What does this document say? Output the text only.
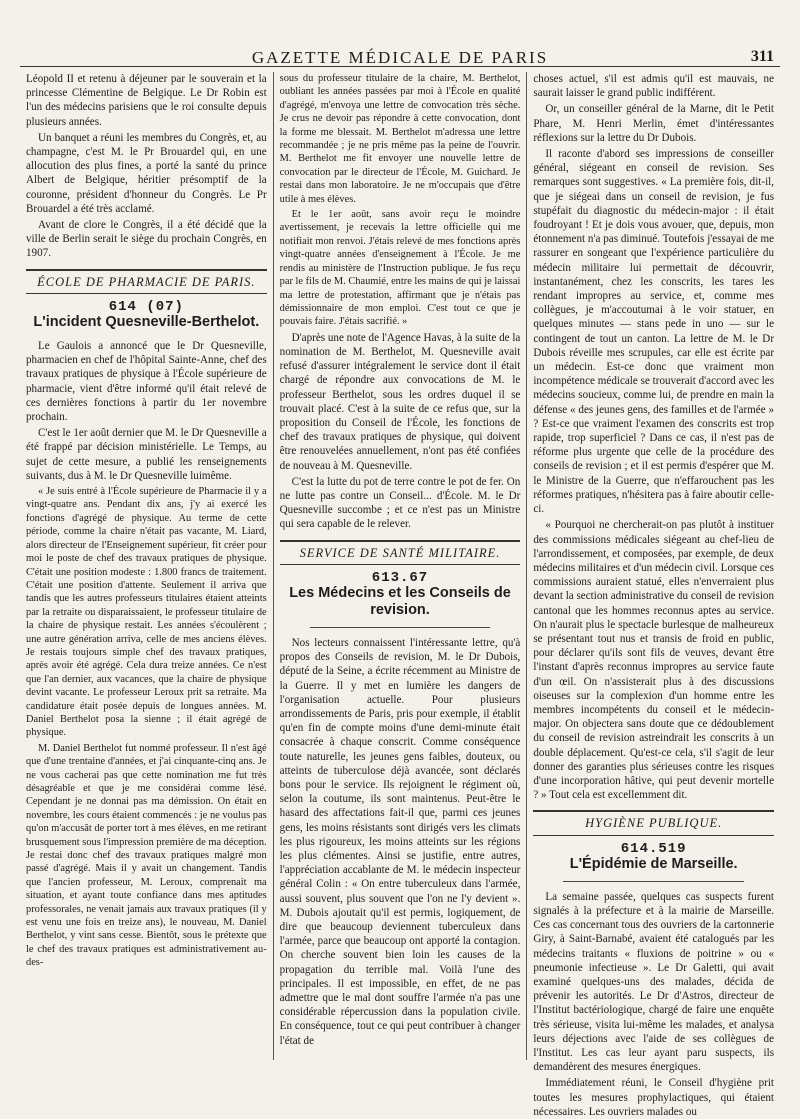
GAZETTE MÉDICALE DE PARIS	311

Léopold II et retenu à déjeuner par le souverain et la princesse Clémentine de Belgique. Le Dr Robin est l'un des médecins parisiens que le roi consulte depuis plusieurs années.

Un banquet a réuni les membres du Congrès, et, au champagne, c'est M. le Pr Brouardel qui, en une allocution des plus fines, a porté la santé du prince Albert de Belgique, héritier présomptif de la couronne, président d'honneur du Congrès. Le Pr Brouardel a été très acclamé.

Avant de clore le Congrès, il a été décidé que la ville de Berlin serait le siège du prochain Congrès, en 1907.

ÉCOLE DE PHARMACIE DE PARIS.
614 (07)
L'incident Quesneville-Berthelot.

Le Gaulois a annoncé que le Dr Quesneville, pharmacien en chef de l'hôpital Sainte-Anne, chef des travaux pratiques de physique à l'École supérieure de pharmacie, vient d'être informé qu'il était relevé de ces dernières fonctions à partir du 1er novembre prochain.

C'est le 1er août dernier que M. le Dr Quesneville a été frappé par décision ministérielle. Le Temps, au sujet de cette mesure, a publié les renseignements suivants, dus à M. le Dr Quesneville luimême.

« Je suis entré à l'École supérieure de Pharmacie il y a vingt-quatre ans. Pendant dix ans, j'y ai exercé les fonctions d'agrégé de physique. Au terme de cette période, comme la chaire n'était pas vacante, M. Liard, alors directeur de l'Enseignement supérieur, fit créer pour moi le poste de chef des travaux pratiques de physique. C'était une position modeste : 1.800 francs de traitement. C'était une position d'attente. Seulement il arriva que tandis que les autres professeurs titulaires étaient atteints par la retraite ou disparaissaient, le professeur titulaire de la chaire de physique restait. Les années s'écoulèrent ; une autre génération arriva, celle de mes anciens élèves. Je restais toujours simple chef des travaux pratiques, après avoir été agrégé. Cela dura treize années. Ce n'est que l'an dernier, aux vacances, que la chaire de physique devint vacante. Le professeur Leroux prit sa retraite. Ma candidature était posée depuis de longues années. M. Daniel Berthelot posa la sienne ; il était agrégé de physique.

M. Daniel Berthelot fut nommé professeur. Il n'est âgé que d'une trentaine d'années, et j'ai cinquante-cinq ans. Je ne vous cacherai pas que cette nomination me fut très désagréable et que je me considérai comme lésé. Cependant je ne donnai pas ma démission. On était en novembre, les cours étaient commencés : je ne voulus pas qu'on m'accusât de porter tort à mes élèves, en me retirant brusquement sous l'impression première de ma déception. Je restai donc chef des travaux pratiques malgré mon passé d'agrégé. Mais il y avait un changement. Tandis que l'ancien professeur, M. Leroux, comprenait ma situation, et ayant toute confiance dans mes aptitudes professorales, ne venait jamais aux travaux pratiques (il y est venu une fois en treize ans), le nouveau, M. Daniel Berthelot, y vint sans cesse. Bientôt, sous le prétexte que le chef des travaux pratiques est administrativement au-des-

sous du professeur titulaire de la chaire, M. Berthelot, oubliant les années passées par moi à l'École en qualité d'agrégé, m'envoya une lettre de convocation très sèche. Je crus ne devoir pas répondre à cette convocation, dont la forme me blessait. M. Berthelot m'adressa une lettre recommandée ; je ne pris même pas la peine de l'ouvrir. M. Berthelot me fit envoyer une nouvelle lettre de convocation par le directeur de l'École, M. Guichard. Je restai dans mon laboratoire. Je ne m'occupais que d'être utile à mes élèves.

Et le 1er août, sans avoir reçu le moindre avertissement, je recevais la lettre officielle qui me notifiait mon renvoi. J'étais relevé de mes fonctions après vingt-quatre années d'enseignement à l'École. Je me rendis au ministère de l'Instruction publique. Je fus reçu par le fils de M. Chaumié, entre les mains de qui je laissai ma lettre de protestation, affirmant que je n'étais pas démissionnaire de mon emploi. C'est tout ce que je pouvais faire. J'étais sacrifié. »

D'après une note de l'Agence Havas, à la suite de la nomination de M. Berthelot, M. Quesneville avait refusé d'assurer intégralement le service dont il était chargé de répondre aux convocations de M. le professeur Berthelot, sous les ordres duquel il se trouvait placé. C'est à la suite de ce refus que, sur la proposition du Conseil de l'École, les fonctions de chef des travaux pratiques de physique, qui doivent être renouvelées annuellement, n'ont pas été confiées de nouveau à M. Quesneville.

C'est la lutte du pot de terre contre le pot de fer. On ne lutte pas contre un Conseil... d'École. M. le Dr Quesneville succombe ; et ce n'est pas un Ministre qui sera capable de le relever.

SERVICE DE SANTÉ MILITAIRE.
613.67
Les Médecins et les Conseils de revision.

Nos lecteurs connaissent l'intéressante lettre, qu'à propos des Conseils de revision, M. le Dr Dubois, député de la Seine, a écrite récemment au Ministre de la Guerre. Il y met en lumière les dangers de l'organisation actuelle. Pour plusieurs arrondissements de Paris, pris pour exemple, il établit qu'en fin de compte moins d'une demi-minute était consacrée à chaque conscrit. Comme conséquence toute naturelle, les jeunes gens faibles, douteux, ou atteints de tuberculose déjà avancée, sont déclarés bons pour le service. Ils rejoignent le régiment où, selon la coutume, ils sont maintenus. Peut-être le hasard des affectations fait-il que, parmi ces jeunes gens, les moins résistants sont dirigés vers les climats les plus rigoureux, les moins atteints sur les régions les plus clémentes. Ainsi se justifie, entre autres, l'appréciation accablante de M. le médecin inspecteur général Colin : « On entre tuberculeux dans l'armée, aussi souvent, plus souvent que l'on ne l'y devient ». M. Dubois ajoutait qu'il est permis, logiquement, de dire que beaucoup deviennent tuberculeux dans l'armée, parce que beaucoup ont apporté la contagion. On cherche souvent bien loin les causes de la propagation du terrible mal. Voilà l'une des principales. Il est impossible, en effet, de ne pas admettre que le mal dont souffre l'armée n'a pas une considérable répercussion dans la population civile. En conséquence, tout ce qui peut contribuer à changer l'état de

choses actuel, s'il est admis qu'il est mauvais, ne saurait laisser le grand public indifférent.

Or, un conseiller général de la Marne, dit le Petit Phare, M. Henri Merlin, émet d'intéressantes réflexions sur la lettre du Dr Dubois.

Il raconte d'abord ses impressions de conseiller général, siégeant en conseil de revision. Ses remarques sont suggestives. « La première fois, dit-il, que je siégeai dans un conseil de revision, je fus stupéfait du diagnostic du médecin-major : il était foudroyant ! Et je dois vous avouer, que, depuis, mon étonnement n'a pas diminué. Toutefois j'essayai de me rassurer en songeant que l'expérience particulière du médecin militaire lui permettait de découvrir, instantanément, chez les conscrits, les tares les rendant impropres au service, et, comme mes collègues, je m'accoutumai à le voir statuer, en quelques minutes — stans pede in uno — sur le contingent de tout un canton. La lettre de M. le Dr Dubois réveille mes scrupules, car elle est écrite par un médecin. Est-ce donc que vraiment mon incompétence médicale se trouverait d'accord avec les médecins soucieux, comme lui, de prendre en main la défense « des jeunes gens, des familles et de l'armée » ? Est-ce que vraiment l'examen des conscrits est trop rapide, trop superficiel ? Dans ce cas, il n'est pas de réforme plus urgente que celle de la procédure des conseils de revision ; et il est permis d'espérer que M. le Ministre de la Guerre, que n'effarouchent pas les réformes pratiques, n'hésitera pas à faire aboutir celle-ci.

« Pourquoi ne chercherait-on pas plutôt à instituer des commissions médicales siégeant au chef-lieu de l'arrondissement, et composées, par exemple, de deux médecins militaires et d'un médecin civil. Lorsque ces commissions auraient statué, elles n'enverraient plus devant la section administrative du conseil de revision cantonal que les hommes reconnus aptes au service. On n'aurait plus le spectacle burlesque de malheureux se présentant tout nus et transis de froid en public, pour déclarer qu'ils sont fils de veuves, devant être l'instant d'après reconnus impropres au service faute d'un œil. On n'assisterait plus à des discussions oiseuses sur la complexion d'un homme entre les membres incompétents du conseil et le médecin-major. On objectera sans doute que ce dédoublement du conseil de revision astreindrait les conscrits à un double déplacement. Qu'est-ce cela, s'il s'agit de leur donner des garanties plus sérieuses contre les risques d'une incorporation hâtive, qui peut devenir mortelle ? » Tout cela est excellemment dit.

HYGIÈNE PUBLIQUE.
614.519
L'Épidémie de Marseille.

La semaine passée, quelques cas suspects furent signalés à la préfecture et à la mairie de Marseille. Ces cas concernant tous des ouvriers de la cartonnerie Giry, à Saint-Barnabé, avaient été catalogués par les médecins traitants « fluxions de poitrine » ou « pneumonie infectieuse ». Le Dr Galetti, qui avait examiné quelques-uns des malades, décida de prévenir les autorités. Le Dr d'Astros, directeur de l'Institut bactériologique, chargé de faire une enquête très sérieuse, visita lui-même les malades, et analysa leurs déjections avec l'aide de ses collègues de l'Institut. Les cas leur ayant paru suspects, ils demandèrent des mesures énergiques.

Immédiatement réuni, le Conseil d'hygiène prit toutes les mesures prophylactiques, qui étaient nécessaires. Les ouvriers malades ou
